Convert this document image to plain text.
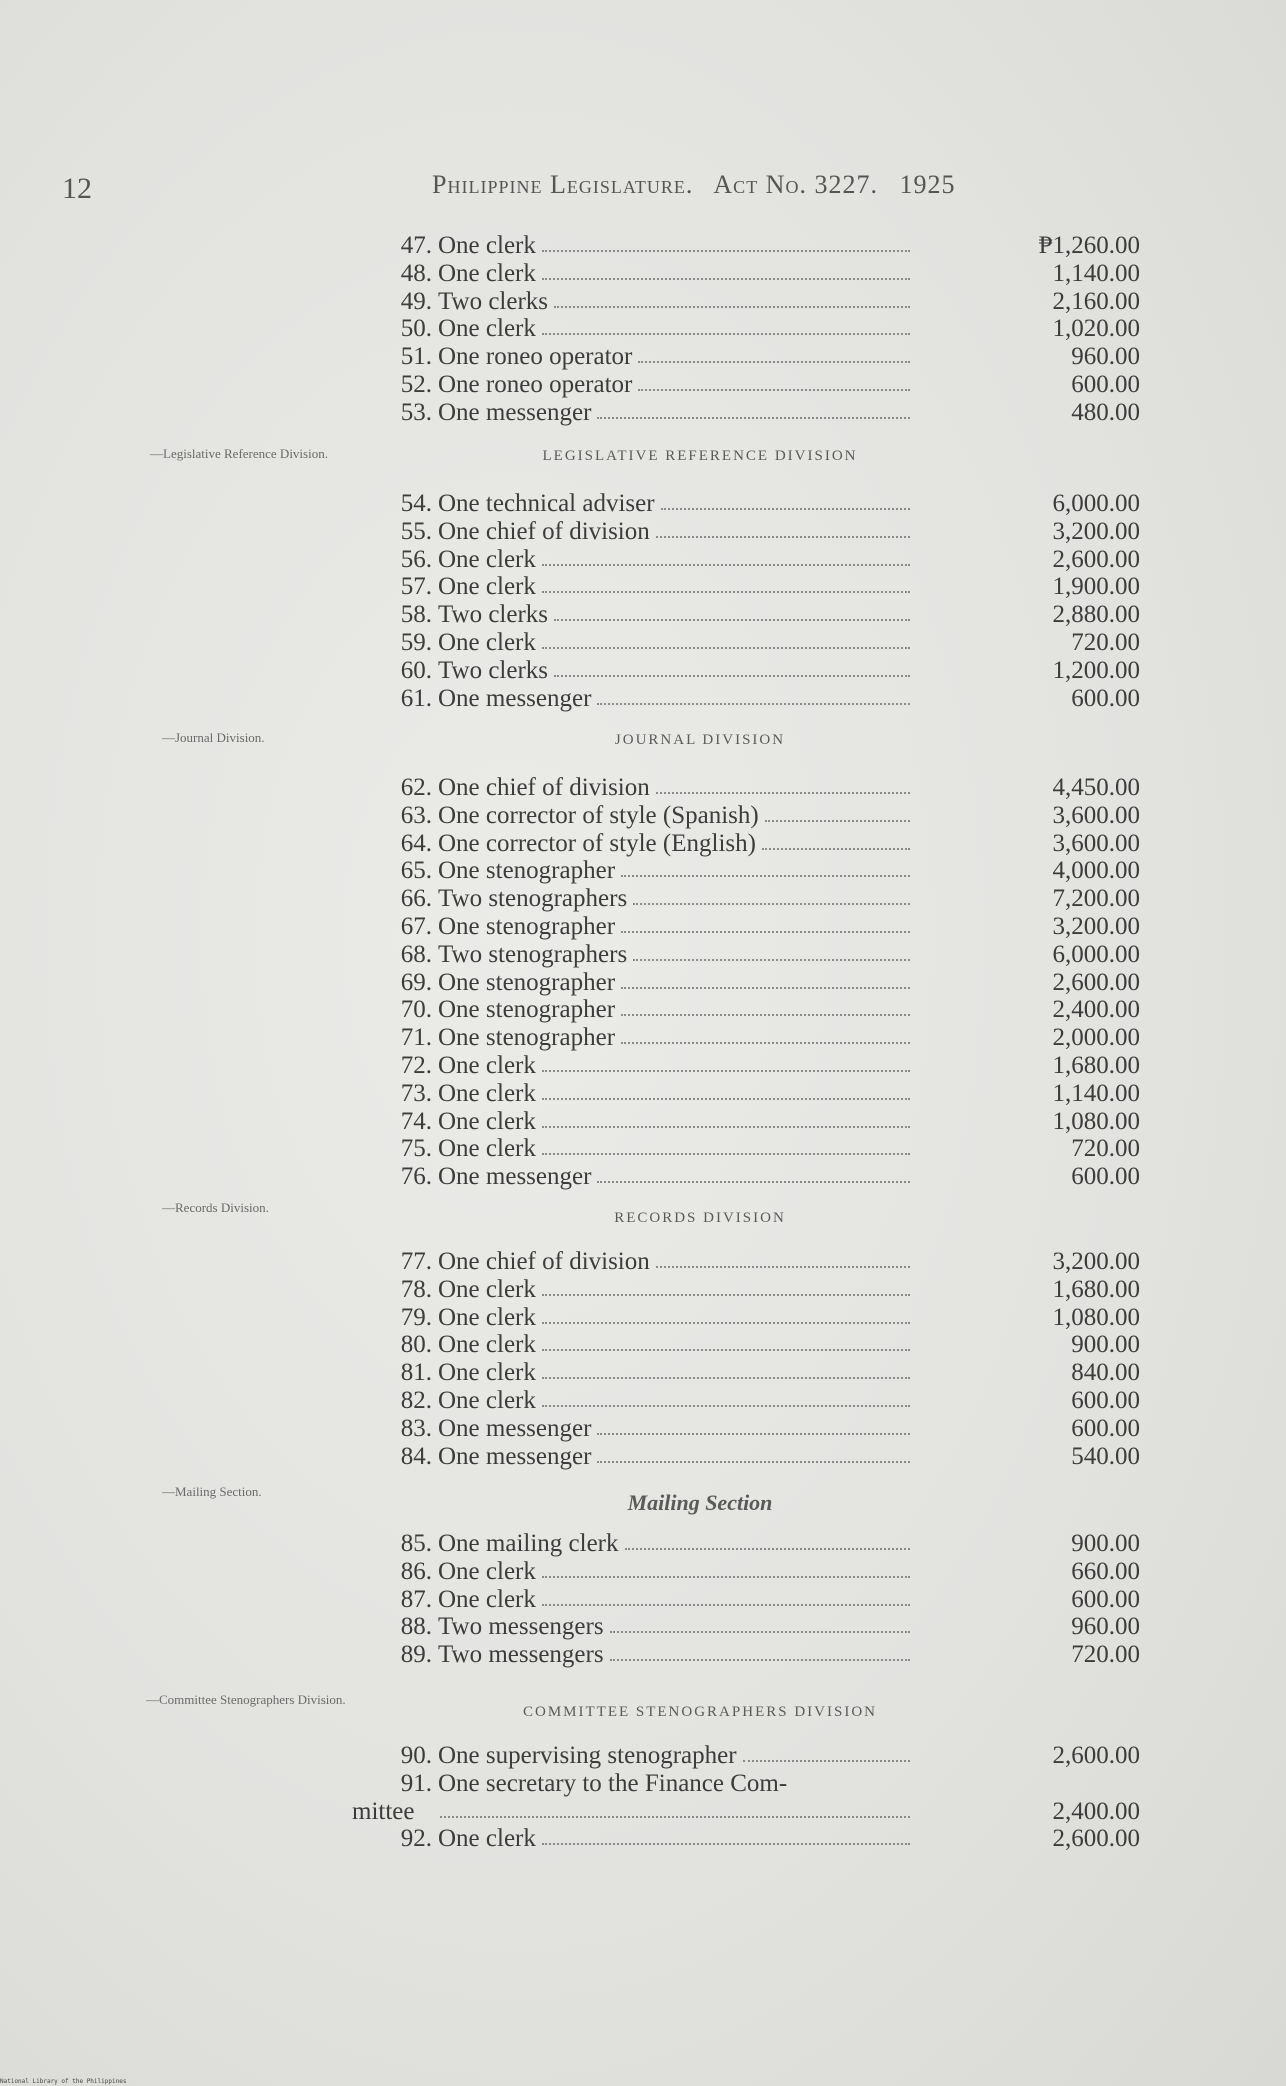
12	Philippine Legislature. Act No. 3227. 1925
—Legislative Reference Division.
—Journal Division.
—Records Division.
—Mailing Section.
—Committee Stenographers Division.
LEGISLATIVE REFERENCE DIVISION
JOURNAL DIVISION
RECORDS DIVISION
Mailing Section
COMMITTEE STENOGRAPHERS DIVISION
47. One clerk	₱1,260.00
48. One clerk	1,140.00
49. Two clerks	2,160.00
50. One clerk	1,020.00
51. One roneo operator	960.00
52. One roneo operator	600.00
53. One messenger	480.00
54. One technical adviser	6,000.00
55. One chief of division	3,200.00
56. One clerk	2,600.00
57. One clerk	1,900.00
58. Two clerks	2,880.00
59. One clerk	720.00
60. Two clerks	1,200.00
61. One messenger	600.00
62. One chief of division	4,450.00
63. One corrector of style (Spanish)	3,600.00
64. One corrector of style (English)	3,600.00
65. One stenographer	4,000.00
66. Two stenographers	7,200.00
67. One stenographer	3,200.00
68. Two stenographers	6,000.00
69. One stenographer	2,600.00
70. One stenographer	2,400.00
71. One stenographer	2,000.00
72. One clerk	1,680.00
73. One clerk	1,140.00
74. One clerk	1,080.00
75. One clerk	720.00
76. One messenger	600.00
77. One chief of division	3,200.00
78. One clerk	1,680.00
79. One clerk	1,080.00
80. One clerk	900.00
81. One clerk	840.00
82. One clerk	600.00
83. One messenger	600.00
84. One messenger	540.00
85. One mailing clerk	900.00
86. One clerk	660.00
87. One clerk	600.00
88. Two messengers	960.00
89. Two messengers	720.00
90. One supervising stenographer	2,600.00
91. One secretary to the Finance Com-
mittee	2,400.00
92. One clerk	2,600.00
National Library of the Philippines
